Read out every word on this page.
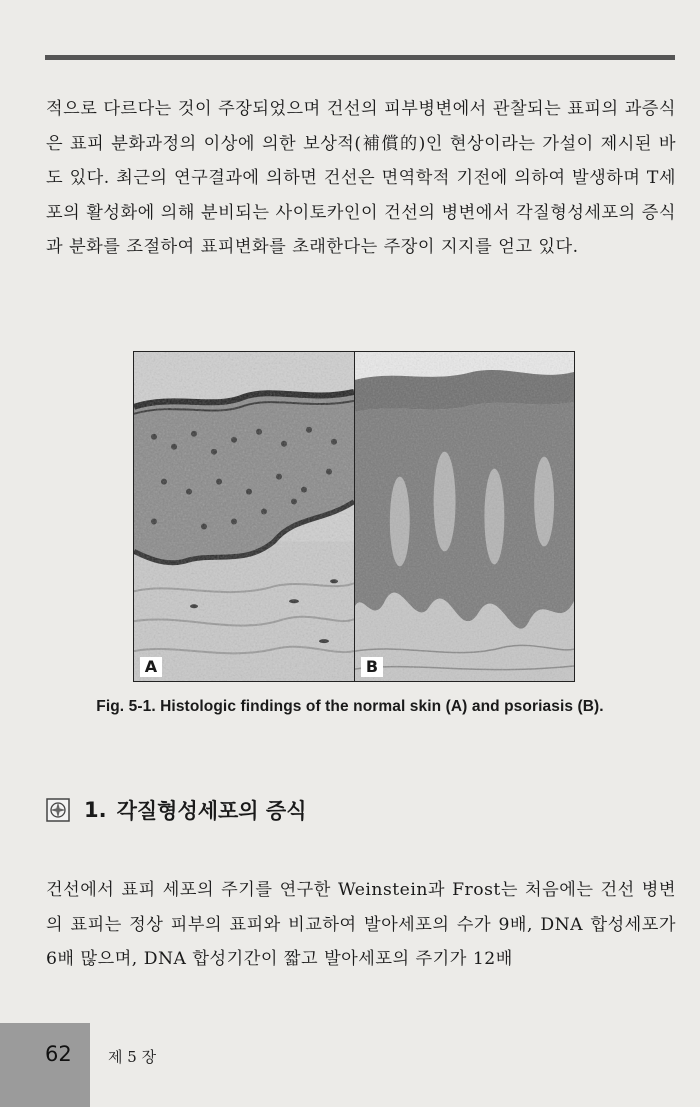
적으로 다르다는 것이 주장되었으며 건선의 피부병변에서 관찰되는 표피의 과증식은 표피 분화과정의 이상에 의한 보상적(補償的)인 현상이라는 가설이 제시된 바도 있다. 최근의 연구결과에 의하면 건선은 면역학적 기전에 의하여 발생하며 T세포의 활성화에 의해 분비되는 사이토카인이 건선의 병변에서 각질형성세포의 증식과 분화를 조절하여 표피변화를 초래한다는 주장이 지지를 얻고 있다.

A	B
Fig. 5-1. Histologic findings of the normal skin (A) and psoriasis (B).
1. 각질형성세포의 증식

건선에서 표피 세포의 주기를 연구한 Weinstein과 Frost는 처음에는 건선 병변의 표피는 정상 피부의 표피와 비교하여 발아세포의 수가 9배, DNA 합성세포가 6배 많으며, DNA 합성기간이 짧고 발아세포의 주기가 12배

62 제 5 장
